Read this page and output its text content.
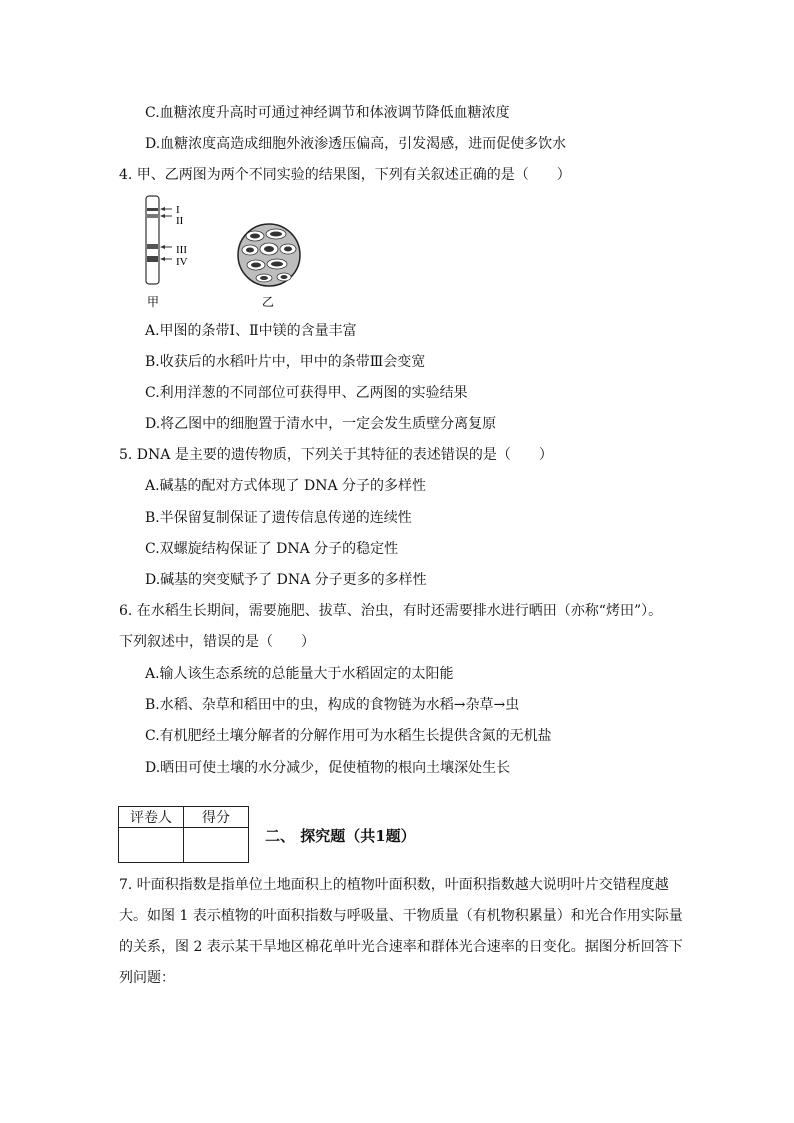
C.血糖浓度升高时可通过神经调节和体液调节降低血糖浓度
D.血糖浓度高造成细胞外液渗透压偏高，引发渴感，进而促使多饮水
4. 甲、乙两图为两个不同实验的结果图，下列有关叙述正确的是（　　）
I
II
III
IV
甲	乙
A.甲图的条带Ⅰ、Ⅱ中镁的含量丰富
B.收获后的水稻叶片中，甲中的条带Ⅲ会变宽
C.利用洋葱的不同部位可获得甲、乙两图的实验结果
D.将乙图中的细胞置于清水中，一定会发生质壁分离复原
5. DNA 是主要的遗传物质，下列关于其特征的表述错误的是（　　）
A.碱基的配对方式体现了 DNA 分子的多样性
B.半保留复制保证了遗传信息传递的连续性
C.双螺旋结构保证了 DNA 分子的稳定性
D.碱基的突变赋予了 DNA 分子更多的多样性
6. 在水稻生长期间，需要施肥、拔草、治虫，有时还需要排水进行晒田（亦称“烤田”）。
下列叙述中，错误的是（　　）
A.输人该生态系统的总能量大于水稻固定的太阳能
B.水稻、杂草和稻田中的虫，构成的食物链为水稻→杂草→虫
C.有机肥经土壤分解者的分解作用可为水稻生长提供含氮的无机盐
D.晒田可使土壤的水分减少，促使植物的根向土壤深处生长
评卷人	得分

二、 探究题（共1题）
7. 叶面积指数是指单位土地面积上的植物叶面积数，叶面积指数越大说明叶片交错程度越
大。如图 1 表示植物的叶面积指数与呼吸量、干物质量（有机物积累量）和光合作用实际量
的关系，图 2 表示某干旱地区棉花单叶光合速率和群体光合速率的日变化。据图分析回答下
列问题：
